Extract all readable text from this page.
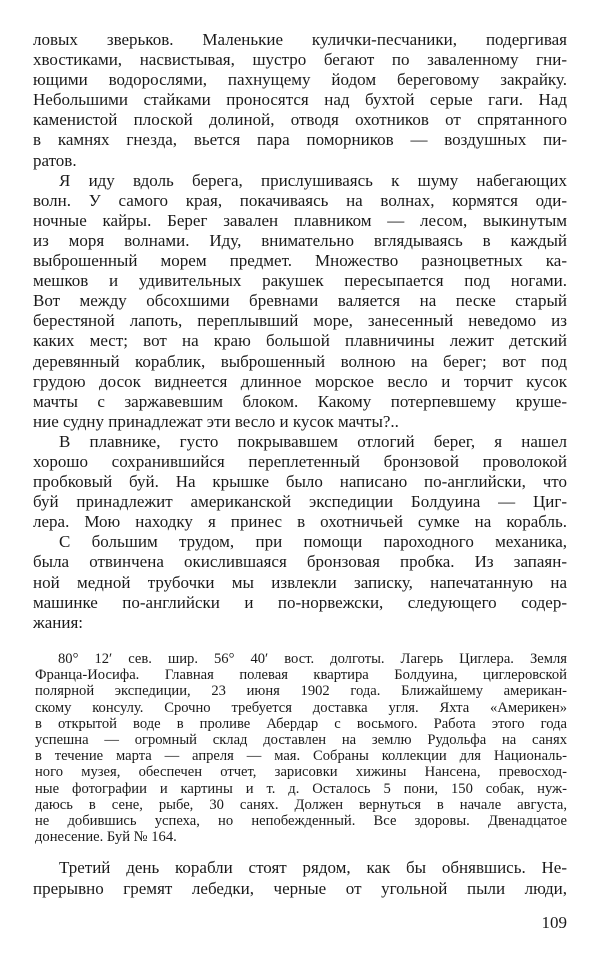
ловых зверьков. Маленькие кулички-песчаники, подергивая
хвостиками, насвистывая, шустро бегают по заваленному гни-
ющими водорослями, пахнущему йодом береговому закрайку.
Небольшими стайками проносятся над бухтой серые гаги. Над
каменистой плоской долиной, отводя охотников от спрятанного
в камнях гнезда, вьется пара поморников — воздушных пи-
ратов.
Я иду вдоль берега, прислушиваясь к шуму набегающих
волн. У самого края, покачиваясь на волнах, кормятся оди-
ночные кайры. Берег завален плавником — лесом, выкинутым
из моря волнами. Иду, внимательно вглядываясь в каждый
выброшенный морем предмет. Множество разноцветных ка-
мешков и удивительных ракушек пересыпается под ногами.
Вот между обсохшими бревнами валяется на песке старый
берестяной лапоть, переплывший море, занесенный неведомо из
каких мест; вот на краю большой плавничины лежит детский
деревянный кораблик, выброшенный волною на берег; вот под
грудою досок виднеется длинное морское весло и торчит кусок
мачты с заржавевшим блоком. Какому потерпевшему круше-
ние судну принадлежат эти весло и кусок мачты?..
В плавнике, густо покрывавшем отлогий берег, я нашел
хорошо сохранившийся переплетенный бронзовой проволокой
пробковый буй. На крышке было написано по-английски, что
буй принадлежит американской экспедиции Болдуина — Циг-
лера. Мою находку я принес в охотничьей сумке на корабль.
С большим трудом, при помощи пароходного механика,
была отвинчена окислившаяся бронзовая пробка. Из запаян-
ной медной трубочки мы извлекли записку, напечатанную на
машинке по-английски и по-норвежски, следующего содер-
жания:
80° 12′ сев. шир. 56° 40′ вост. долготы. Лагерь Циглера. Земля
Франца-Иосифа. Главная полевая квартира Болдуина, циглеровской
полярной экспедиции, 23 июня 1902 года. Ближайшему американ-
скому консулу. Срочно требуется доставка угля. Яхта «Америкен»
в открытой воде в проливе Абердар с восьмого. Работа этого года
успешна — огромный склад доставлен на землю Рудольфа на санях
в течение марта — апреля — мая. Собраны коллекции для Националь-
ного музея, обеспечен отчет, зарисовки хижины Нансена, превосход-
ные фотографии и картины и т. д. Осталось 5 пони, 150 собак, нуж-
даюсь в сене, рыбе, 30 санях. Должен вернуться в начале августа,
не добившись успеха, но непобежденный. Все здоровы. Двенадцатое
донесение. Буй № 164.
Третий день корабли стоят рядом, как бы обнявшись. Не-
прерывно гремят лебедки, черные от угольной пыли люди,
109
